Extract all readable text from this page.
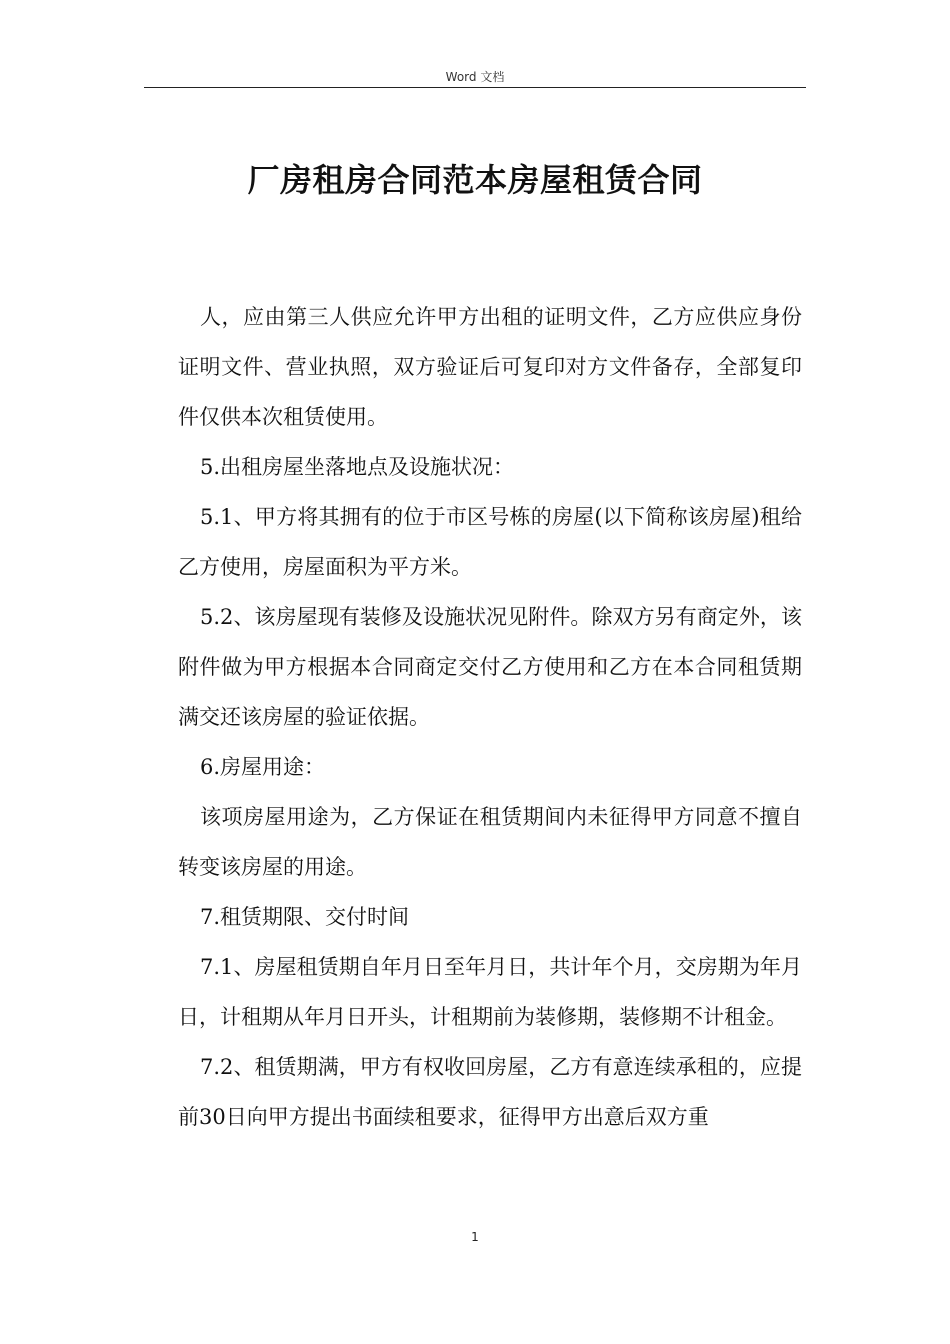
Word 文档
厂房租房合同范本房屋租赁合同

人，应由第三人供应允许甲方出租的证明文件，乙方应供应身份证明文件、营业执照，双方验证后可复印对方文件备存，全部复印件仅供本次租赁使用。

5.出租房屋坐落地点及设施状况：

5.1、甲方将其拥有的位于市区号栋的房屋(以下简称该房屋)租给乙方使用，房屋面积为平方米。

5.2、该房屋现有装修及设施状况见附件。除双方另有商定外，该附件做为甲方根据本合同商定交付乙方使用和乙方在本合同租赁期满交还该房屋的验证依据。

6.房屋用途：

该项房屋用途为，乙方保证在租赁期间内未征得甲方同意不擅自转变该房屋的用途。

7.租赁期限、交付时间

7.1、房屋租赁期自年月日至年月日，共计年个月，交房期为年月日，计租期从年月日开头，计租期前为装修期，装修期不计租金。

7.2、租赁期满，甲方有权收回房屋，乙方有意连续承租的，应提前30日向甲方提出书面续租要求，征得甲方出意后双方重

1
